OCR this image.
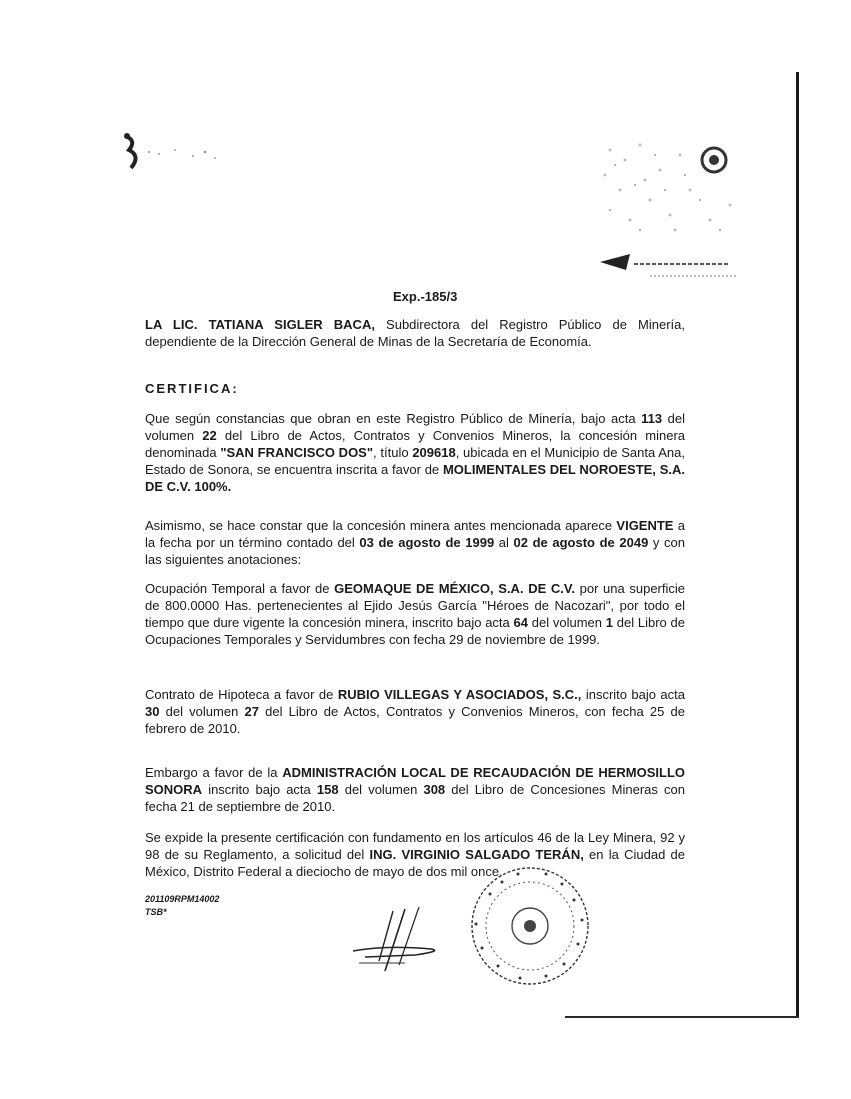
Exp.-185/3
LA LIC. TATIANA SIGLER BACA, Subdirectora del Registro Público de Minería, dependiente de la Dirección General de Minas de la Secretaría de Economía.
CERTIFICA:
Que según constancias que obran en este Registro Público de Minería, bajo acta 113 del volumen 22 del Libro de Actos, Contratos y Convenios Mineros, la concesión minera denominada "SAN FRANCISCO DOS", título 209618, ubicada en el Municipio de Santa Ana, Estado de Sonora, se encuentra inscrita a favor de MOLIMENTALES DEL NOROESTE, S.A. DE C.V. 100%.
Asimismo, se hace constar que la concesión minera antes mencionada aparece VIGENTE a la fecha por un término contado del 03 de agosto de 1999 al 02 de agosto de 2049 y con las siguientes anotaciones:
Ocupación Temporal a favor de GEOMAQUE DE MÉXICO, S.A. DE C.V. por una superficie de 800.0000 Has. pertenecientes al Ejido Jesús García "Héroes de Nacozari", por todo el tiempo que dure vigente la concesión minera, inscrito bajo acta 64 del volumen 1 del Libro de Ocupaciones Temporales y Servidumbres con fecha 29 de noviembre de 1999.
Contrato de Hipoteca a favor de RUBIO VILLEGAS Y ASOCIADOS, S.C., inscrito bajo acta 30 del volumen 27 del Libro de Actos, Contratos y Convenios Mineros, con fecha 25 de febrero de 2010.
Embargo a favor de la ADMINISTRACIÓN LOCAL DE RECAUDACIÓN DE HERMOSILLO SONORA inscrito bajo acta 158 del volumen 308 del Libro de Concesiones Mineras con fecha 21 de septiembre de 2010.
Se expide la presente certificación con fundamento en los artículos 46 de la Ley Minera, 92 y 98 de su Reglamento, a solicitud del ING. VIRGINIO SALGADO TERÁN, en la Ciudad de México, Distrito Federal a dieciocho de mayo de dos mil once.
201109RPM14002
TSB*
